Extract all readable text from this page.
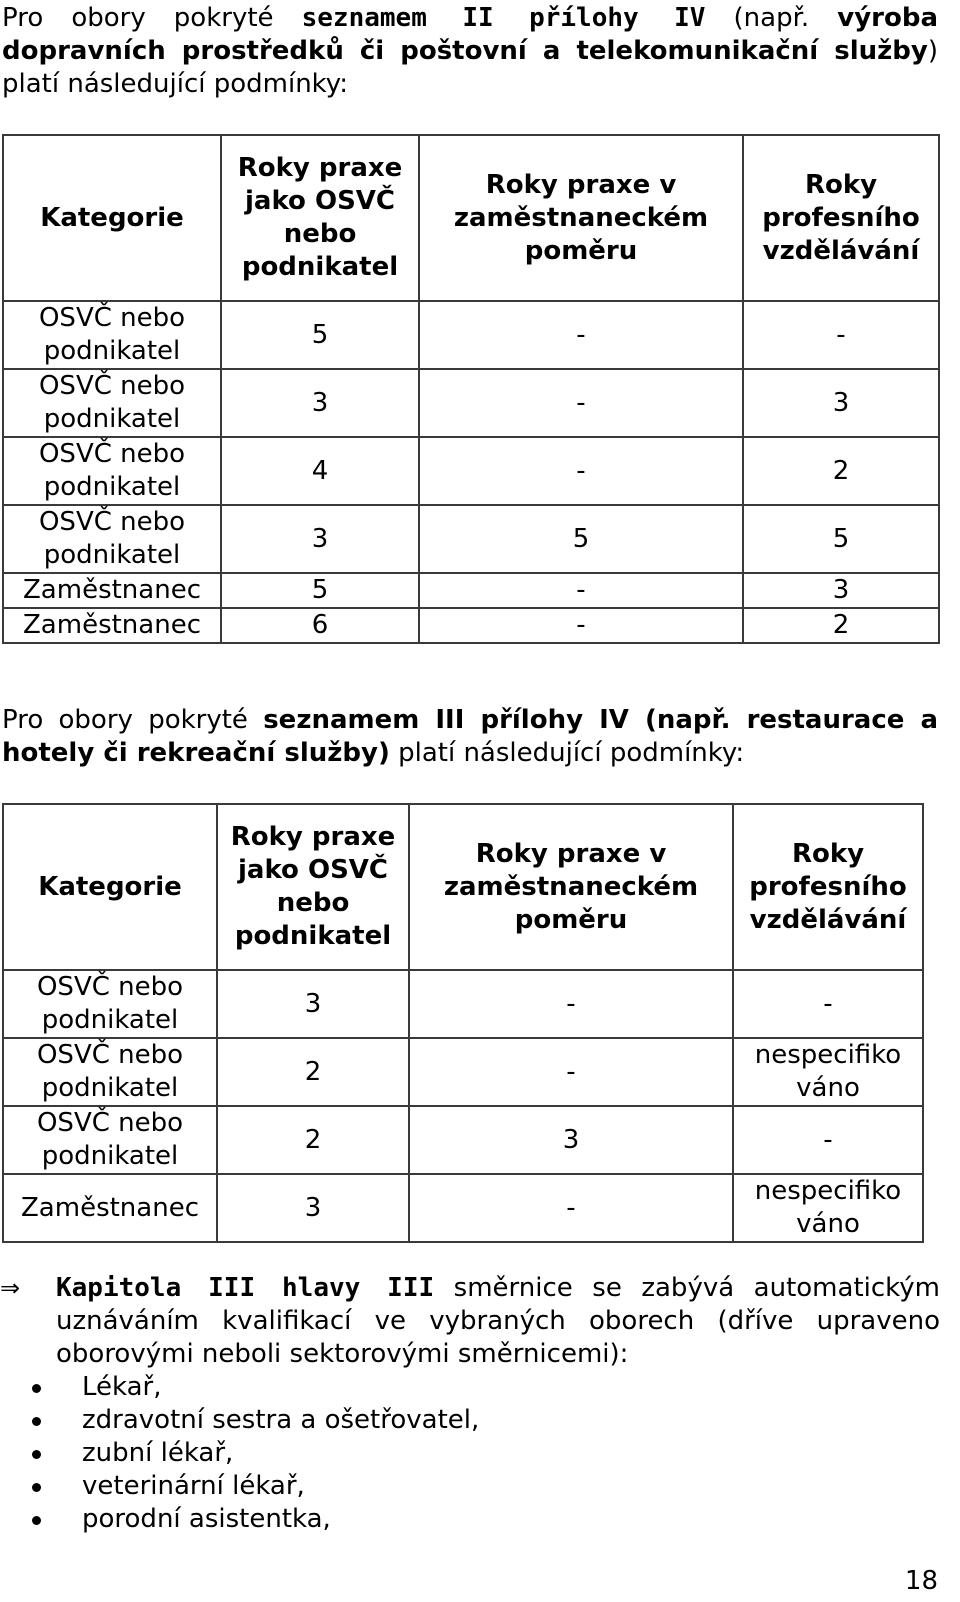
Pro obory pokryté seznamem II přílohy IV (např. výroba dopravních prostředků či poštovní a telekomunikační služby) platí následující podmínky:
Kategorie	Roky praxe jako OSVČ nebo podnikatel	Roky praxe v zaměstnaneckém poměru	Roky profesního vzdělávání
OSVČ nebo podnikatel	5	-	-
OSVČ nebo podnikatel	3	-	3
OSVČ nebo podnikatel	4	-	2
OSVČ nebo podnikatel	3	5	5
Zaměstnanec	5	-	3
Zaměstnanec	6	-	2
Pro obory pokryté seznamem III přílohy IV (např. restaurace a hotely či rekreační služby) platí následující podmínky:
Kategorie	Roky praxe jako OSVČ nebo podnikatel	Roky praxe v zaměstnaneckém poměru	Roky profesního vzdělávání
OSVČ nebo podnikatel	3	-	-
OSVČ nebo podnikatel	2	-	nespecifiko váno
OSVČ nebo podnikatel	2	3	-
Zaměstnanec	3	-	nespecifiko váno
⇒	Kapitola III hlavy III směrnice se zabývá automatickým uznáváním kvalifikací ve vybraných oborech (dříve upraveno oborovými neboli sektorovými směrnicemi):
Lékař,
zdravotní sestra a ošetřovatel,
zubní lékař,
veterinární lékař,
porodní asistentka,
18
